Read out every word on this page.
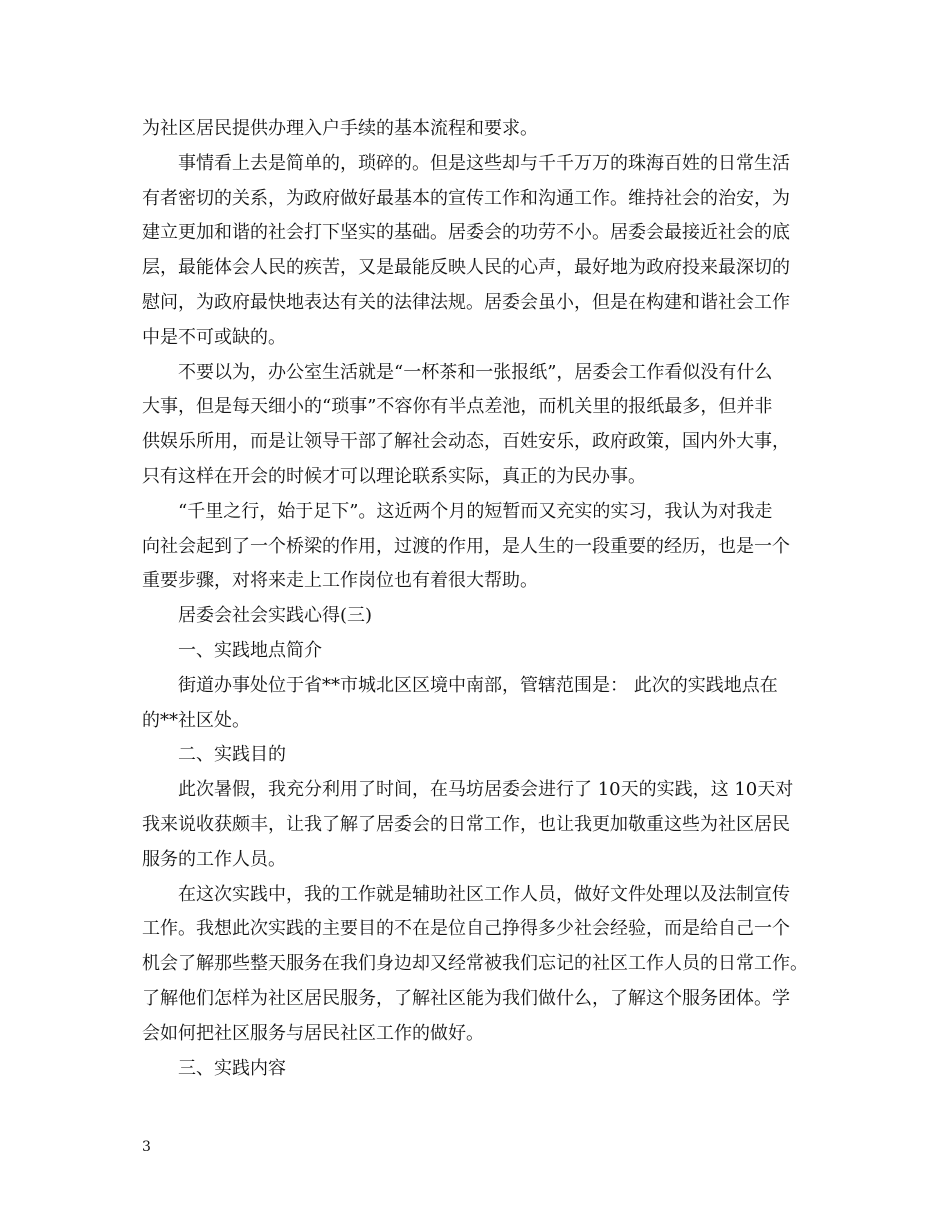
为社区居民提供办理入户手续的基本流程和要求。
事情看上去是简单的，琐碎的。但是这些却与千千万万的珠海百姓的日常生活
有者密切的关系，为政府做好最基本的宣传工作和沟通工作。维持社会的治安，为
建立更加和谐的社会打下坚实的基础。居委会的功劳不小。居委会最接近社会的底
层，最能体会人民的疾苦，又是最能反映人民的心声，最好地为政府投来最深切的
慰问，为政府最快地表达有关的法律法规。居委会虽小，但是在构建和谐社会工作
中是不可或缺的。
不要以为，办公室生活就是“一杯茶和一张报纸”，居委会工作看似没有什么
大事，但是每天细小的“琐事”不容你有半点差池，而机关里的报纸最多，但并非
供娱乐所用，而是让领导干部了解社会动态，百姓安乐，政府政策，国内外大事，
只有这样在开会的时候才可以理论联系实际，真正的为民办事。
“千里之行，始于足下”。这近两个月的短暂而又充实的实习，我认为对我走
向社会起到了一个桥梁的作用，过渡的作用，是人生的一段重要的经历，也是一个
重要步骤，对将来走上工作岗位也有着很大帮助。
居委会社会实践心得(三)
一、实践地点简介
街道办事处位于省**市城北区区境中南部，管辖范围是： 此次的实践地点在
的**社区处。
二、实践目的
此次暑假，我充分利用了时间，在马坊居委会进行了 10天的实践，这 10天对
我来说收获颇丰，让我了解了居委会的日常工作，也让我更加敬重这些为社区居民
服务的工作人员。
在这次实践中，我的工作就是辅助社区工作人员，做好文件处理以及法制宣传
工作。我想此次实践的主要目的不在是位自己挣得多少社会经验，而是给自己一个
机会了解那些整天服务在我们身边却又经常被我们忘记的社区工作人员的日常工作。
了解他们怎样为社区居民服务，了解社区能为我们做什么，了解这个服务团体。学
会如何把社区服务与居民社区工作的做好。
三、实践内容
3
